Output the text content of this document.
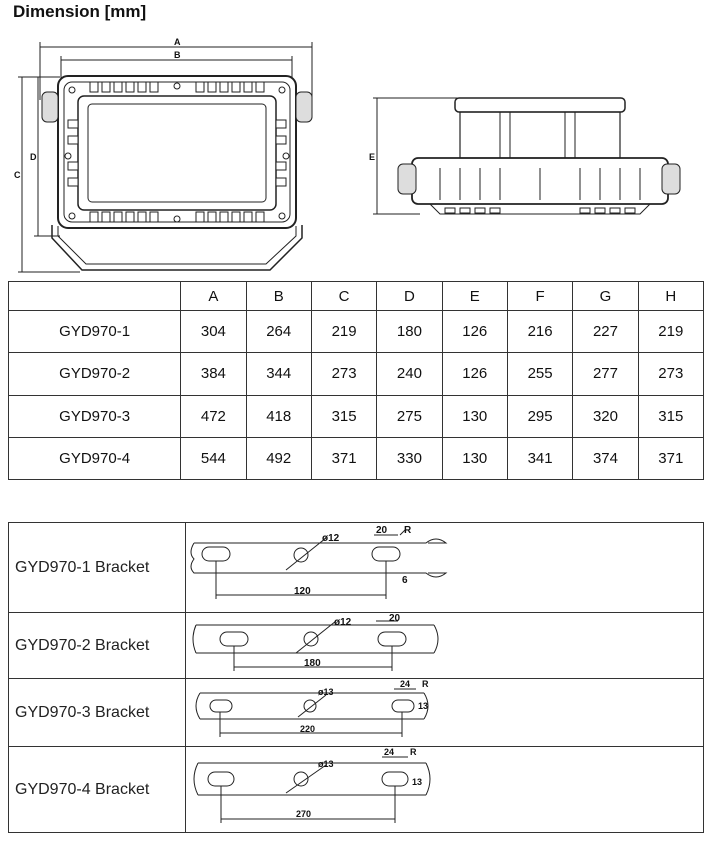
Dimension [mm]
A
B
C
D	E
	A	B	C	D	E	F	G	H
GYD970-1	304	264	219	180	126	216	227	219
GYD970-2	384	344	273	240	126	255	277	273
GYD970-3	472	418	315	275	130	295	320	315
GYD970-4	544	492	371	330	130	341	374	371
GYD970-1 Bracket	ø12
20 R
6
120

GYD970-2 Bracket	ø12 20
180

GYD970-3 Bracket	ø13
24 R
13
220

GYD970-4 Bracket	ø13
24 R
13
270
